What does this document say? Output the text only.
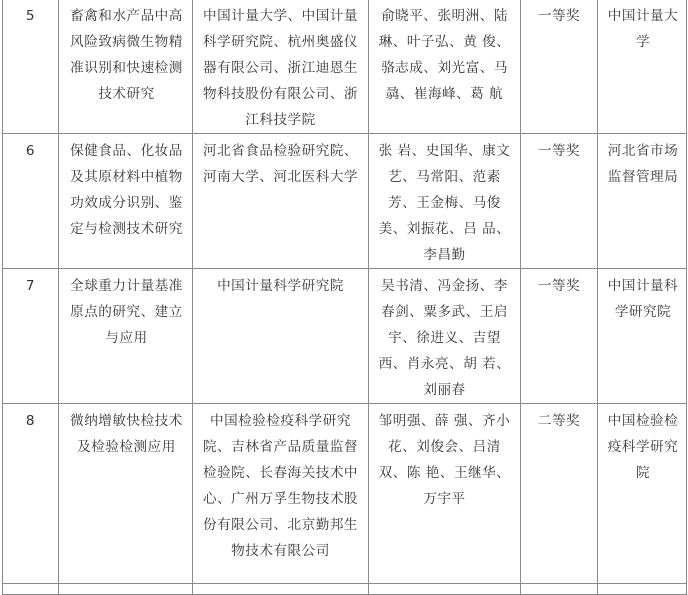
5	畜禽和水产品中高风险致病微生物精准识别和快速检测技术研究	中国计量大学、中国计量科学研究院、杭州奥盛仪器有限公司、浙江迪恩生物科技股份有限公司、浙江科技学院	俞晓平、张明洲、陆 琳、叶子弘、黄 俊、骆志成、刘光富、马 骉、崔海峰、葛 航	一等奖	中国计量大学
6	保健食品、化妆品及其原材料中植物功效成分识别、鉴定与检测技术研究	河北省食品检验研究院、河南大学、河北医科大学	张 岩、史国华、康文艺、马常阳、范素芳、王金梅、马俊美、刘振花、吕 品、李昌勤	一等奖	河北省市场监督管理局
7	全球重力计量基准原点的研究、建立与应用	中国计量科学研究院	吴书清、冯金扬、李春剑、粟多武、王启宇、徐进义、吉望西、肖永亮、胡 若、刘丽春	一等奖	中国计量科学研究院
8	微纳增敏快检技术及检验检测应用	中国检验检疫科学研究院、吉林省产品质量监督检验院、长春海关技术中心、广州万孚生物技术股份有限公司、北京勤邦生物技术有限公司	邹明强、薛 强、齐小花、刘俊会、吕清双、陈 艳、王继华、万宇平	二等奖	中国检验检疫科学研究院
